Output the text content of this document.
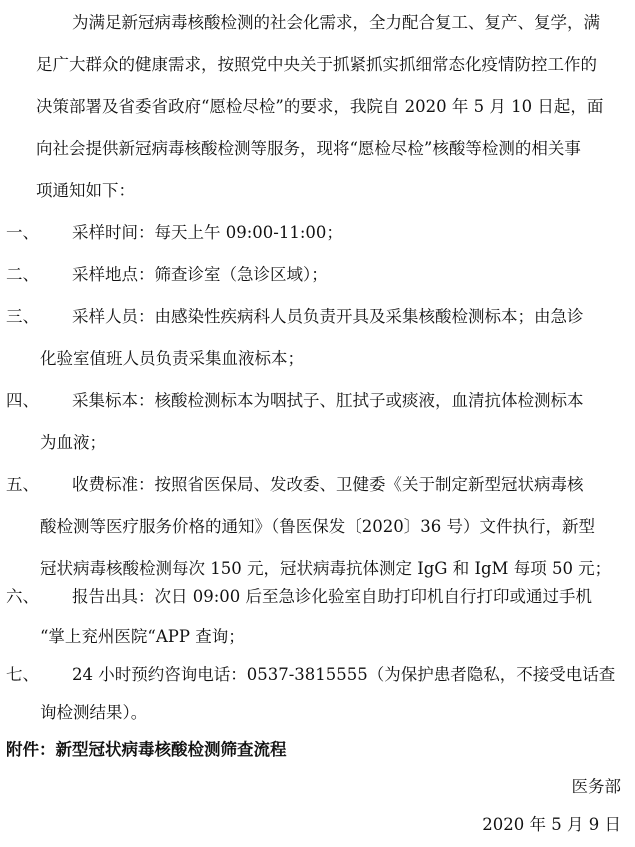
为满足新冠病毒核酸检测的社会化需求，全力配合复工、复产、复学，满
足广大群众的健康需求，按照党中央关于抓紧抓实抓细常态化疫情防控工作的
决策部署及省委省政府“愿检尽检”的要求，我院自 2020 年 5 月 10 日起，面
向社会提供新冠病毒核酸检测等服务，现将“愿检尽检”核酸等检测的相关事
项通知如下：
一、 采样时间：每天上午 09:00-11:00；
二、 采样地点：筛查诊室（急诊区域）；
三、 采样人员：由感染性疾病科人员负责开具及采集核酸检测标本；由急诊
化验室值班人员负责采集血液标本；
四、 采集标本：核酸检测标本为咽拭子、肛拭子或痰液，血清抗体检测标本
为血液；
五、 收费标准：按照省医保局、发改委、卫健委《关于制定新型冠状病毒核
酸检测等医疗服务价格的通知》（鲁医保发〔2020〕36 号）文件执行，新型
冠状病毒核酸检测每次 150 元，冠状病毒抗体测定 IgG 和 IgM 每项 50 元；
六、 报告出具：次日 09:00 后至急诊化验室自助打印机自行打印或通过手机
“掌上兖州医院“APP 查询；
七、 24 小时预约咨询电话：0537-3815555（为保护患者隐私，不接受电话查
询检测结果）。
附件：新型冠状病毒核酸检测筛查流程
医务部
2020 年 5 月 9 日
